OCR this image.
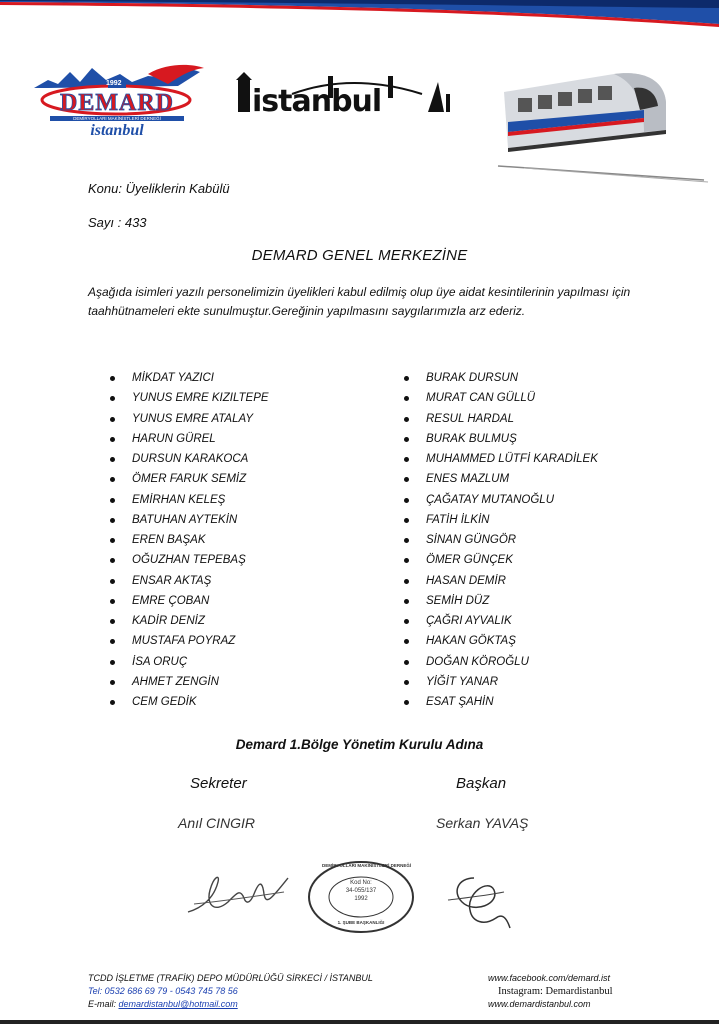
1992
DEMARD
DEMİRYOLLARI MAKİNİSTLERİ DERNEĞİ
istanbul
istanbul
Konu: Üyeliklerin Kabülü
Sayı : 433
DEMARD GENEL MERKEZİNE
Aşağıda isimleri yazılı personelimizin üyelikleri kabul edilmiş olup üye aidat kesintilerinin yapılması için taahhütnameleri ekte sunulmuştur.Gereğinin yapılmasını saygılarımızla arz ederiz.
MİKDAT YAZICI
YUNUS EMRE KIZILTEPE
YUNUS EMRE ATALAY
HARUN GÜREL
DURSUN KARAKOCA
ÖMER FARUK SEMİZ
EMİRHAN KELEŞ
BATUHAN AYTEKİN
EREN BAŞAK
OĞUZHAN TEPEBAŞ
ENSAR AKTAŞ
EMRE ÇOBAN
KADİR DENİZ
MUSTAFA POYRAZ
İSA ORUÇ
AHMET ZENGİN
CEM GEDİK
BURAK DURSUN
MURAT CAN GÜLLÜ
RESUL HARDAL
BURAK BULMUŞ
MUHAMMED LÜTFİ KARADİLEK
ENES MAZLUM
ÇAĞATAY MUTANOĞLU
FATİH İLKİN
SİNAN GÜNGÖR
ÖMER GÜNÇEK
HASAN DEMİR
SEMİH DÜZ
ÇAĞRI AYVALIK
HAKAN GÖKTAŞ
DOĞAN KÖROĞLU
YİĞİT YANAR
ESAT ŞAHİN
Demard 1.Bölge Yönetim Kurulu Adına
Sekreter	Başkan
Anıl CINGIR	Serkan YAVAŞ
DEMİRYOLLARI MAKİNİSTLERİ DERNEĞİ
Kod No:
34-055/137
1992
1. ŞUBE BAŞKANLIĞI
TCDD İŞLETME (TRAFİK) DEPO MÜDÜRLÜĞÜ SİRKECİ / İSTANBUL
Tel: 0532 686 69 79 - 0543 745 78 56
E-mail: demardistanbul@hotmail.com
www.facebook.com/demard.ist
Instagram: Demardistanbul
www.demardistanbul.com
